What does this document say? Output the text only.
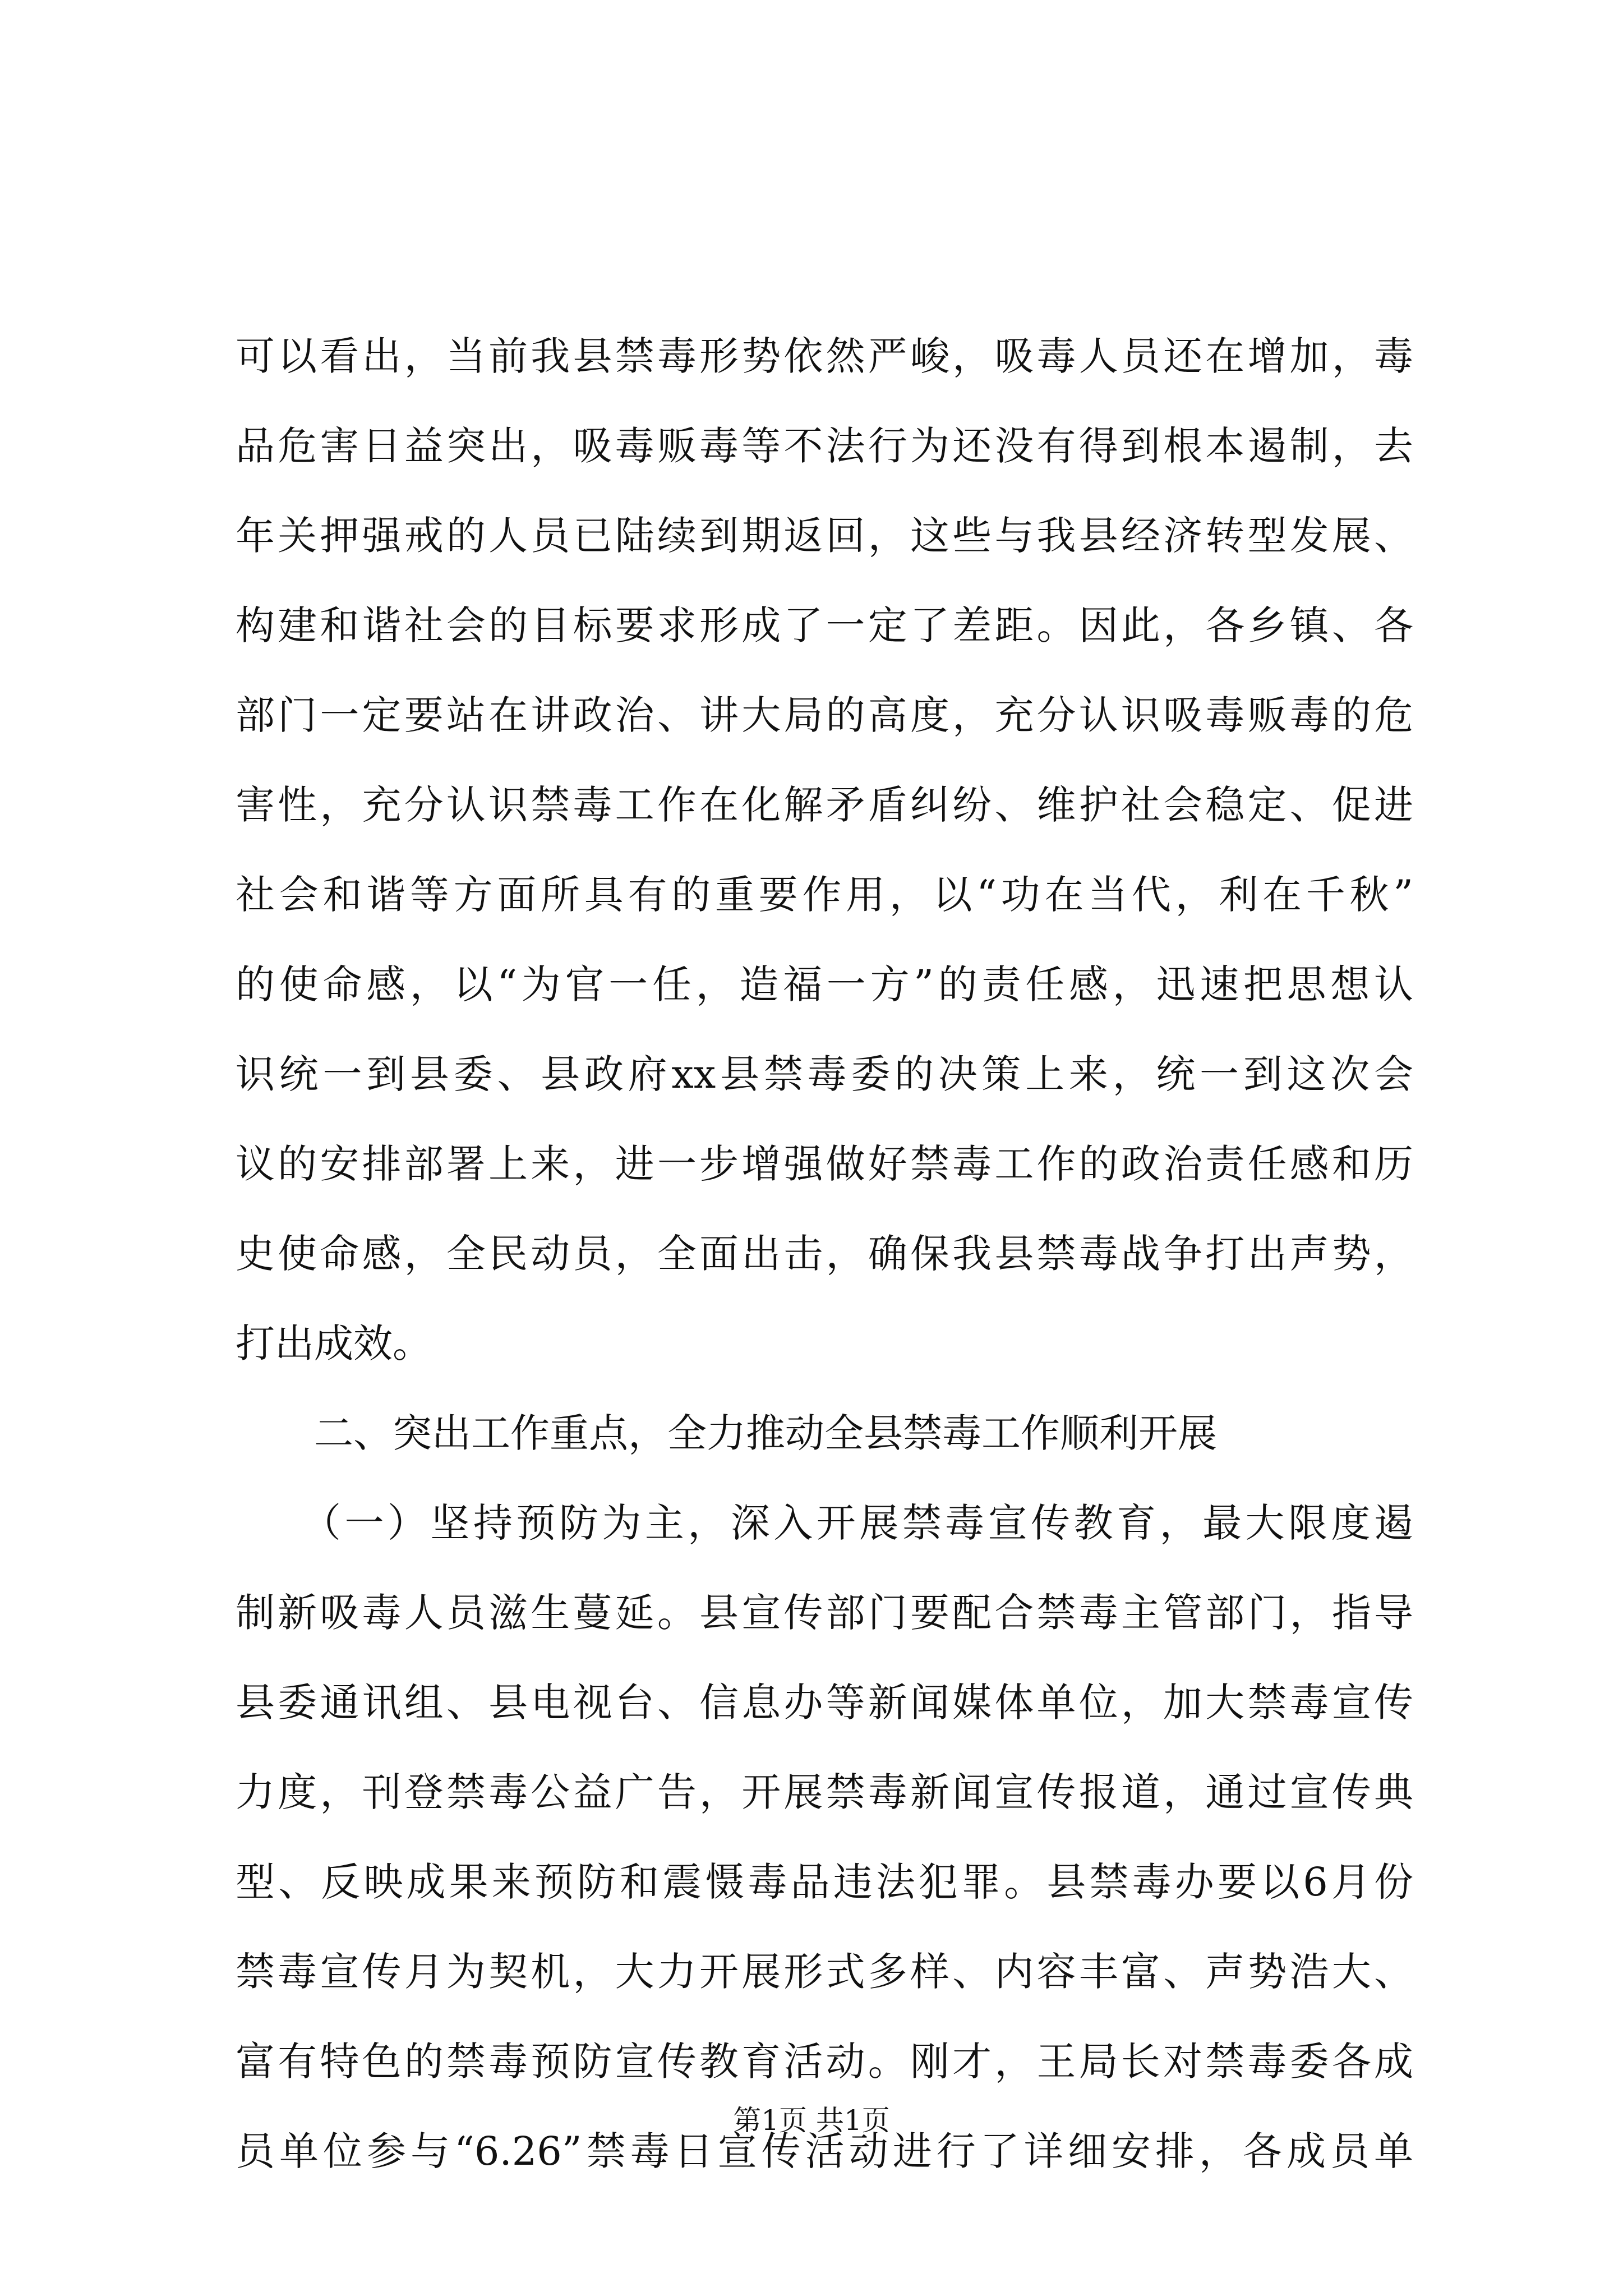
可以看出，当前我县禁毒形势依然严峻，吸毒人员还在增加，毒
品危害日益突出，吸毒贩毒等不法行为还没有得到根本遏制，去
年关押强戒的人员已陆续到期返回，这些与我县经济转型发展、
构建和谐社会的目标要求形成了一定了差距。因此，各乡镇、各
部门一定要站在讲政治、讲大局的高度，充分认识吸毒贩毒的危
害性，充分认识禁毒工作在化解矛盾纠纷、维护社会稳定、促进
社会和谐等方面所具有的重要作用，以“功在当代，利在千秋”
的使命感，以“为官一任，造福一方”的责任感，迅速把思想认
识统一到县委、县政府xx县禁毒委的决策上来，统一到这次会
议的安排部署上来，进一步增强做好禁毒工作的政治责任感和历
史使命感，全民动员，全面出击，确保我县禁毒战争打出声势，
打出成效。
　　二、突出工作重点，全力推动全县禁毒工作顺利开展
　　（一）坚持预防为主，深入开展禁毒宣传教育，最大限度遏
制新吸毒人员滋生蔓延。县宣传部门要配合禁毒主管部门，指导
县委通讯组、县电视台、信息办等新闻媒体单位，加大禁毒宣传
力度，刊登禁毒公益广告，开展禁毒新闻宣传报道，通过宣传典
型、反映成果来预防和震慑毒品违法犯罪。县禁毒办要以6月份
禁毒宣传月为契机，大力开展形式多样、内容丰富、声势浩大、
富有特色的禁毒预防宣传教育活动。刚才，王局长对禁毒委各成
员单位参与“6.26”禁毒日宣传活动进行了详细安排，各成员单
第1页 共1页
